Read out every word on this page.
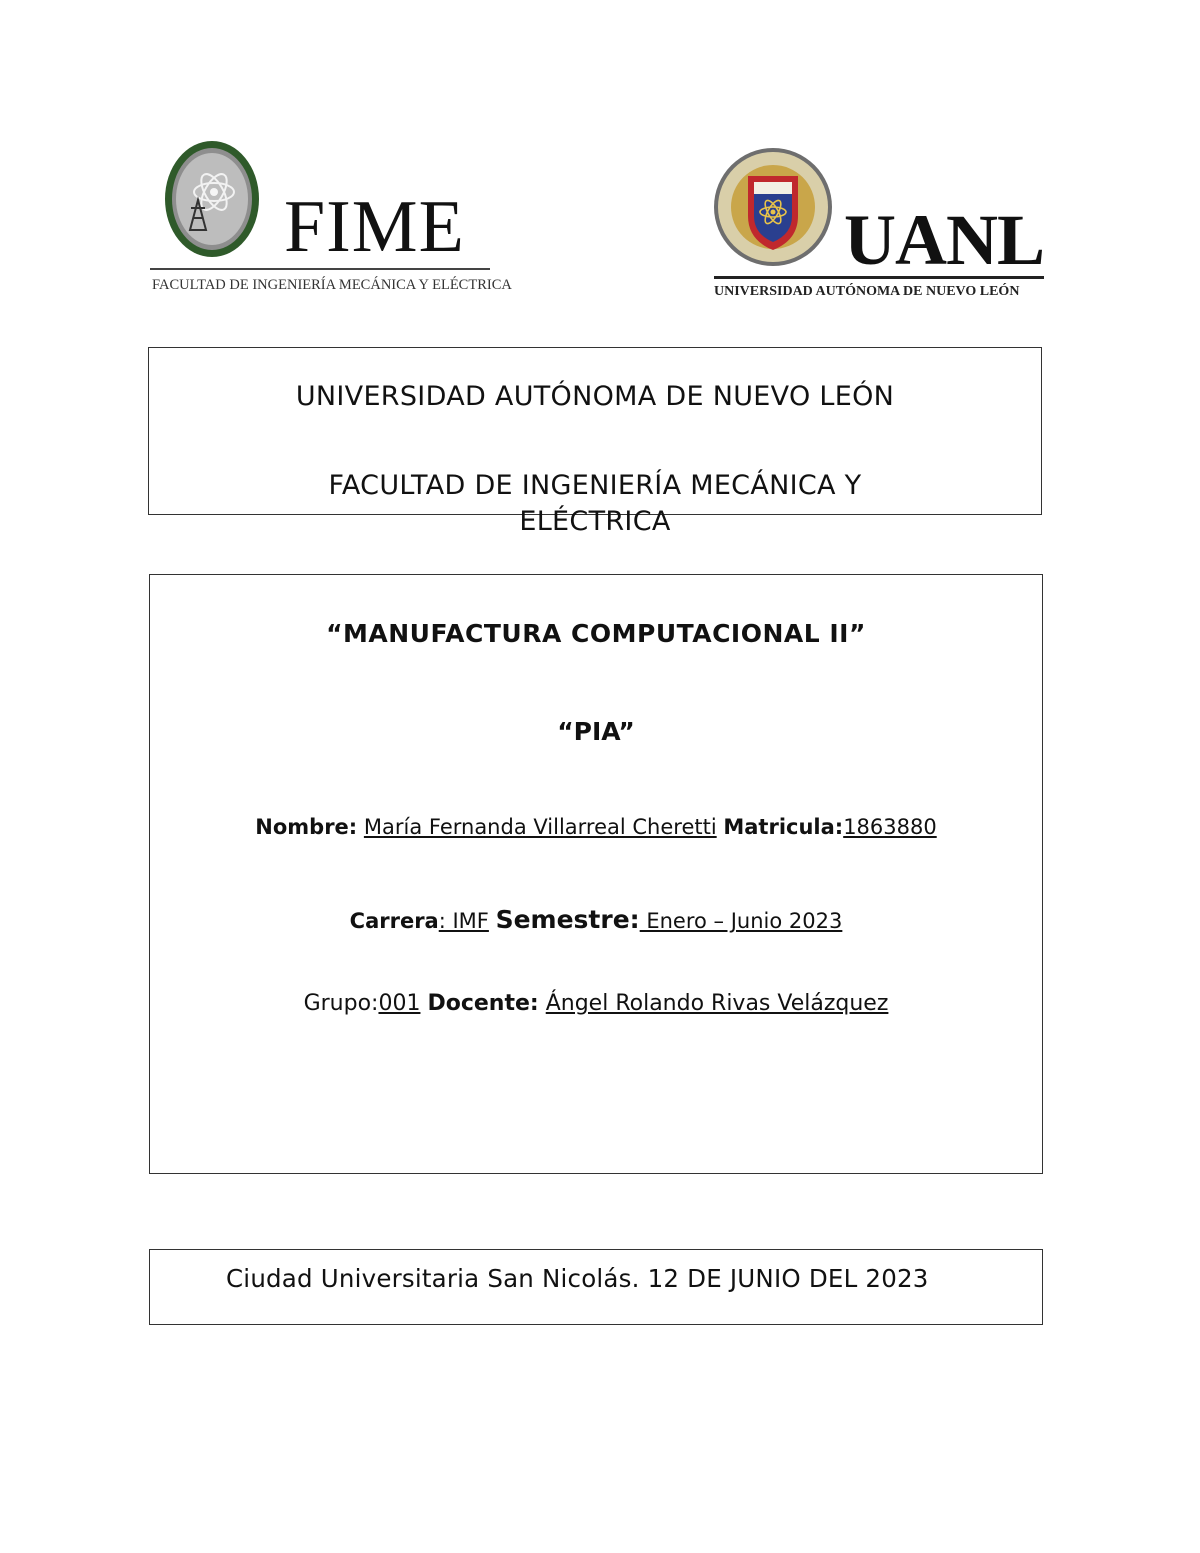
FIME
FACULTAD DE INGENIERÍA MECÁNICA Y ELÉCTRICA
UANL
UNIVERSIDAD AUTÓNOMA DE NUEVO LEÓN
UNIVERSIDAD AUTÓNOMA DE NUEVO LEÓN
FACULTAD DE INGENIERÍA MECÁNICA Y ELÉCTRICA
“MANUFACTURA COMPUTACIONAL II”
“PIA”
Nombre: María Fernanda Villarreal Cheretti Matricula:1863880
Carrera: IMF Semestre: Enero – Junio 2023
Grupo:001 Docente: Ángel Rolando Rivas Velázquez
Ciudad Universitaria San Nicolás. 12 DE JUNIO DEL 2023
